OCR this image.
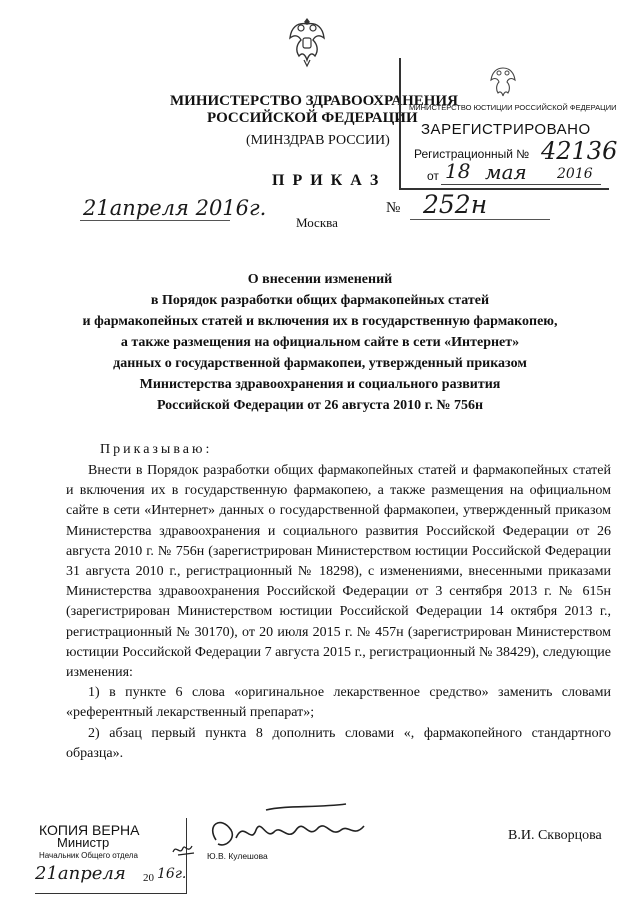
МИНИСТЕРСТВО ЗДРАВООХРАНЕНИЯ
РОССИЙСКОЙ ФЕДЕРАЦИИ
(МИНЗДРАВ РОССИИ)
П Р И К А З
МИНИСТЕРСТВО ЮСТИЦИИ РОССИЙСКОЙ ФЕДЕРАЦИИ
ЗАРЕГИСТРИРОВАНО
Регистрационный № 42136
от 18 мая 2016
21апреля 2016г.
Москва
№ 252н
О внесении изменений
в Порядок разработки общих фармакопейных статей
и фармакопейных статей и включения их в государственную фармакопею,
а также размещения на официальном сайте в сети «Интернет»
данных о государственной фармакопеи, утвержденный приказом
Министерства здравоохранения и социального развития
Российской Федерации от 26 августа 2010 г. № 756н
Приказываю:

Внести в Порядок разработки общих фармакопейных статей и фармакопейных статей и включения их в государственную фармакопею, а также размещения на официальном сайте в сети «Интернет» данных о государственной фармакопеи, утвержденный приказом Министерства здравоохранения и социального развития Российской Федерации от 26 августа 2010 г. № 756н (зарегистрирован Министерством юстиции Российской Федерации 31 августа 2010 г., регистрационный № 18298), с изменениями, внесенными приказами Министерства здравоохранения Российской Федерации от 3 сентября 2013 г. № 615н (зарегистрирован Министерством юстиции Российской Федерации 14 октября 2013 г., регистрационный № 30170), от 20 июля 2015 г. № 457н (зарегистрирован Министерством юстиции Российской Федерации 7 августа 2015 г., регистрационный № 38429), следующие изменения:

1) в пункте 6 слова «оригинальное лекарственное средство» заменить словами «референтный лекарственный препарат»;

2) абзац первый пункта 8 дополнить словами «, фармакопейного стандартного образца».

В.И. Скворцова
КОПИЯ ВЕРНА
Министр
Начальник Общего отдела
21апреля 20 16г.
Ю.В. Кулешова
